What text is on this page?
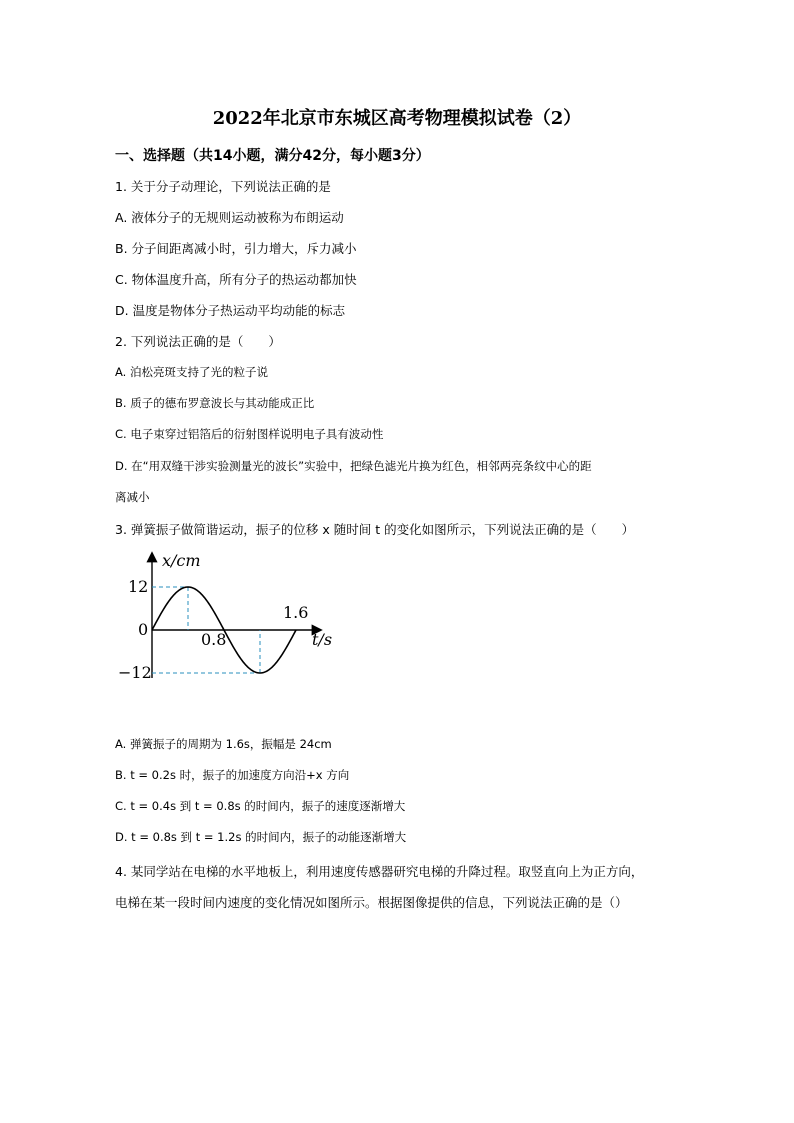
2022年北京市东城区高考物理模拟试卷（2）
一、选择题（共14小题，满分42分，每小题3分）
1. 关于分子动理论，下列说法正确的是
A. 液体分子的无规则运动被称为布朗运动
B. 分子间距离减小时，引力增大，斥力减小
C. 物体温度升高，所有分子的热运动都加快
D. 温度是物体分子热运动平均动能的标志
2. 下列说法正确的是（　　）
A. 泊松亮斑支持了光的粒子说
B. 质子的德布罗意波长与其动能成正比
C. 电子束穿过铝箔后的衍射图样说明电子具有波动性
D. 在“用双缝干涉实验测量光的波长”实验中，把绿色滤光片换为红色，相邻两亮条纹中心的距
离减小
3. 弹簧振子做简谐运动，振子的位移 x 随时间 t 的变化如图所示，下列说法正确的是（　　）
x/cm
t/s
12
0
−12
0.8
1.6
A. 弹簧振子的周期为 1.6s，振幅是 24cm
B. t = 0.2s 时，振子的加速度方向沿+x 方向
C. t = 0.4s 到 t = 0.8s 的时间内，振子的速度逐渐增大
D. t = 0.8s 到 t = 1.2s 的时间内，振子的动能逐渐增大
4. 某同学站在电梯的水平地板上，利用速度传感器研究电梯的升降过程。取竖直向上为正方向，
电梯在某一段时间内速度的变化情况如图所示。根据图像提供的信息，下列说法正确的是（）
